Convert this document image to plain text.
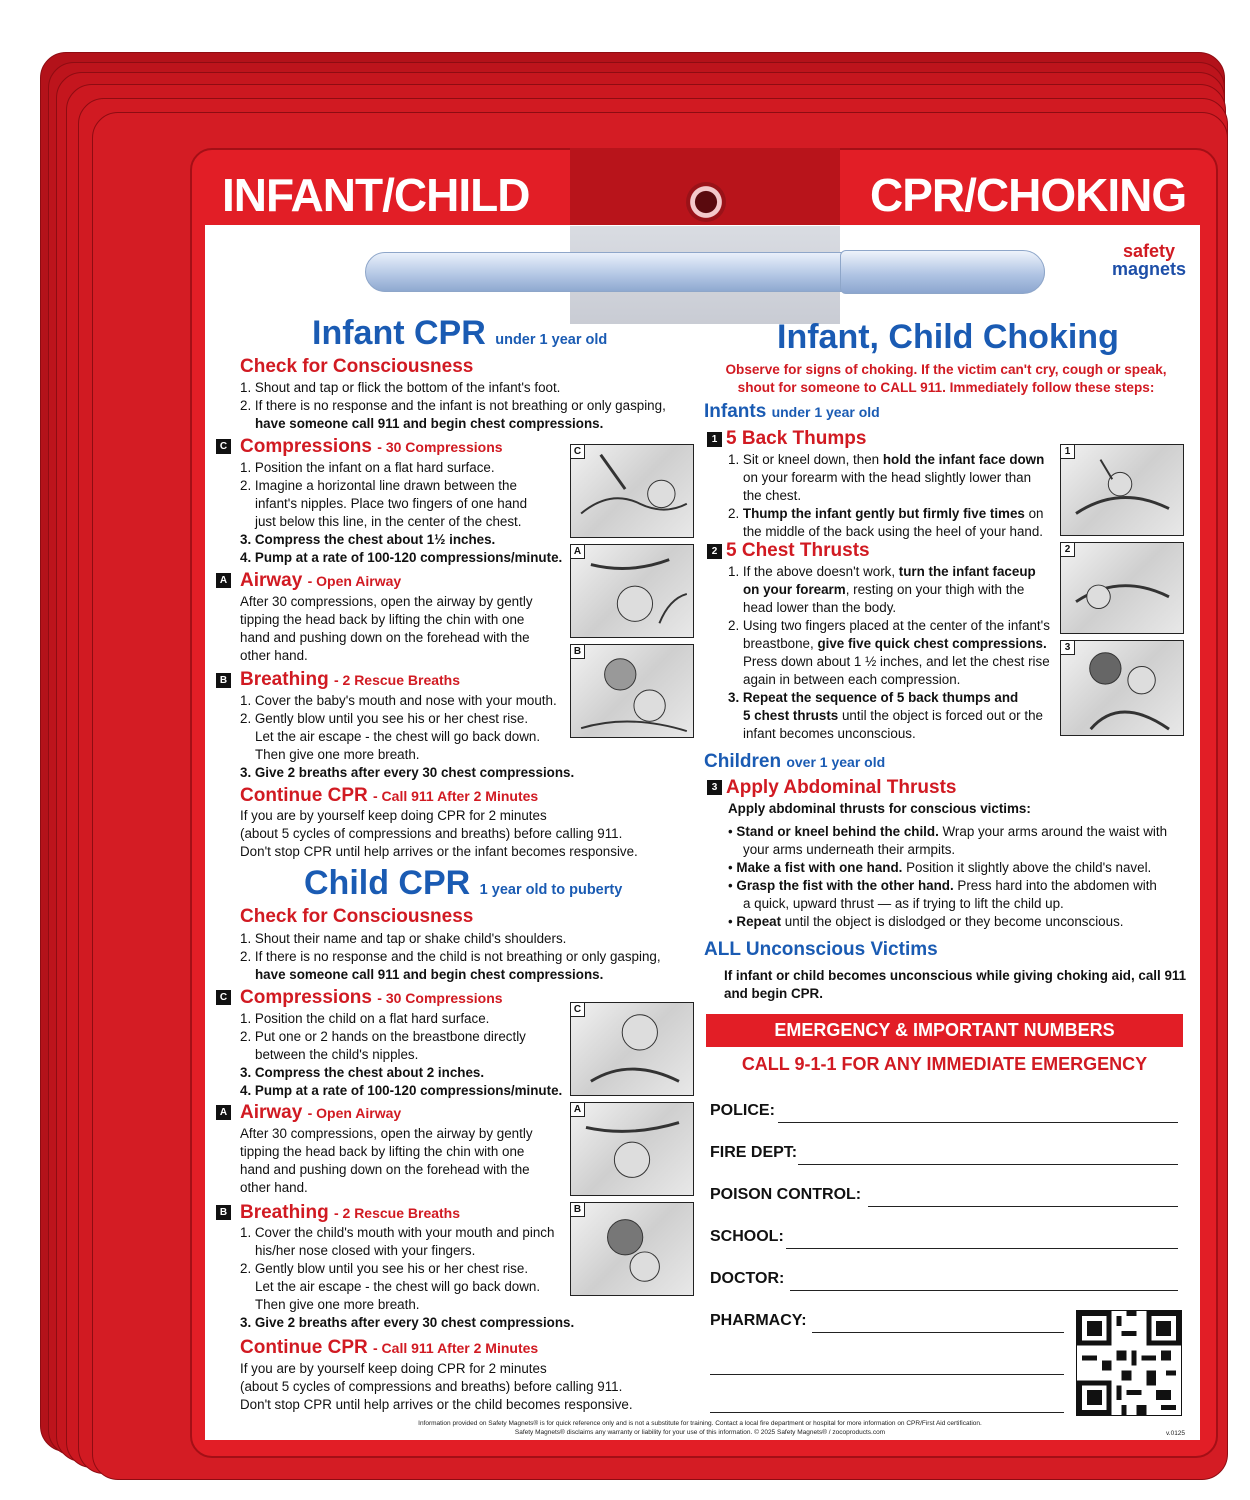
INFANT/CHILD	CPR/CHOKING
safety
magnets
Infant CPR under 1 year old
Check for Consciousness
1. Shout and tap or flick the bottom of the infant's foot.
2. If there is no response and the infant is not breathing or only gasping,
have someone call 911 and begin chest compressions.
C Compressions - 30 Compressions
1. Position the infant on a flat hard surface.
2. Imagine a horizontal line drawn between the
infant's nipples. Place two fingers of one hand
just below this line, in the center of the chest.
3. Compress the chest about 1½ inches.
4. Pump at a rate of 100-120 compressions/minute.
A Airway - Open Airway
After 30 compressions, open the airway by gently
tipping the head back by lifting the chin with one
hand and pushing down on the forehead with the
other hand.
B Breathing - 2 Rescue Breaths
1. Cover the baby's mouth and nose with your mouth.
2. Gently blow until you see his or her chest rise.
Let the air escape - the chest will go back down.
Then give one more breath.
3. Give 2 breaths after every 30 chest compressions.
Continue CPR - Call 911 After 2 Minutes
If you are by yourself keep doing CPR for 2 minutes
(about 5 cycles of compressions and breaths) before calling 911.
Don't stop CPR until help arrives or the infant becomes responsive.
C
A
B
Child CPR 1 year old to puberty
Check for Consciousness
1. Shout their name and tap or shake child's shoulders.
2. If there is no response and the child is not breathing or only gasping,
have someone call 911 and begin chest compressions.
C Compressions - 30 Compressions
1. Position the child on a flat hard surface.
2. Put one or 2 hands on the breastbone directly
between the child's nipples.
3. Compress the chest about 2 inches.
4. Pump at a rate of 100-120 compressions/minute.
A Airway - Open Airway
After 30 compressions, open the airway by gently
tipping the head back by lifting the chin with one
hand and pushing down on the forehead with the
other hand.
B Breathing - 2 Rescue Breaths
1. Cover the child's mouth with your mouth and pinch
his/her nose closed with your fingers.
2. Gently blow until you see his or her chest rise.
Let the air escape - the chest will go back down.
Then give one more breath.
3. Give 2 breaths after every 30 chest compressions.
Continue CPR - Call 911 After 2 Minutes
If you are by yourself keep doing CPR for 2 minutes
(about 5 cycles of compressions and breaths) before calling 911.
Don't stop CPR until help arrives or the child becomes responsive.
C
A
B
Infant, Child Choking
Observe for signs of choking. If the victim can't cry, cough or speak,
shout for someone to CALL 911. Immediately follow these steps:
Infants under 1 year old
1 5 Back Thumps
1. Sit or kneel down, then hold the infant face down
on your forearm with the head slightly lower than
the chest.
2. Thump the infant gently but firmly five times on
the middle of the back using the heel of your hand.
2 5 Chest Thrusts
1. If the above doesn't work, turn the infant faceup
on your forearm, resting on your thigh with the
head lower than the body.
2. Using two fingers placed at the center of the infant's
breastbone, give five quick chest compressions.
Press down about 1 ½ inches, and let the chest rise
again in between each compression.
3. Repeat the sequence of 5 back thumps and
5 chest thrusts until the object is forced out or the
infant becomes unconscious.
1
2
3
Children over 1 year old
3 Apply Abdominal Thrusts
Apply abdominal thrusts for conscious victims:
• Stand or kneel behind the child. Wrap your arms around the waist with
your arms underneath their armpits.
• Make a fist with one hand. Position it slightly above the child's navel.
• Grasp the fist with the other hand. Press hard into the abdomen with
a quick, upward thrust — as if trying to lift the child up.
• Repeat until the object is dislodged or they become unconscious.
ALL Unconscious Victims
If infant or child becomes unconscious while giving choking aid, call 911
and begin CPR.
EMERGENCY & IMPORTANT NUMBERS
CALL 9-1-1 FOR ANY IMMEDIATE EMERGENCY
POLICE:
FIRE DEPT:
POISON CONTROL:
SCHOOL:
DOCTOR:
PHARMACY:
Information provided on Safety Magnets® is for quick reference only and is not a substitute for training. Contact a local fire department or hospital for more information on CPR/First Aid certification.
Safety Magnets® disclaims any warranty or liability for your use of this information. © 2025 Safety Magnets® / zocoproducts.com	v.0125
